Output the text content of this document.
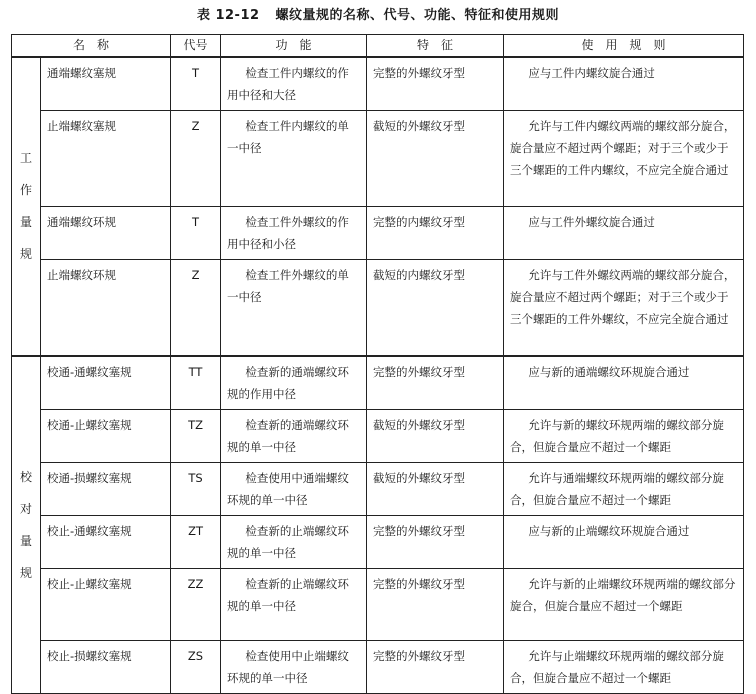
表 12-12 螺纹量规的名称、代号、功能、特征和使用规则
名　称		代号	功　能	特　征	使　用　规　则

工
作
量
规	通端螺纹塞规	T	检查工件内螺纹的作用中径和大径	完整的外螺纹牙型	应与工件内螺纹旋合通过
	止端螺纹塞规	Z	检查工件内螺纹的单一中径	截短的外螺纹牙型	允许与工件内螺纹两端的螺纹部分旋合，旋合量应不超过两个螺距；对于三个或少于三个螺距的工件内螺纹，不应完全旋合通过
	通端螺纹环规	T	检查工件外螺纹的作用中径和小径	完整的内螺纹牙型	应与工件外螺纹旋合通过
	止端螺纹环规	Z	检查工件外螺纹的单一中径	截短的内螺纹牙型	允许与工件外螺纹两端的螺纹部分旋合，旋合量应不超过两个螺距；对于三个或少于三个螺距的工件外螺纹，不应完全旋合通过

校
对
量
规	校通-通螺纹塞规	TT	检查新的通端螺纹环规的作用中径	完整的外螺纹牙型	应与新的通端螺纹环规旋合通过
	校通-止螺纹塞规	TZ	检查新的通端螺纹环规的单一中径	截短的外螺纹牙型	允许与新的螺纹环规两端的螺纹部分旋合，但旋合量应不超过一个螺距
	校通-损螺纹塞规	TS	检查使用中通端螺纹环规的单一中径	截短的外螺纹牙型	允许与通端螺纹环规两端的螺纹部分旋合，但旋合量应不超过一个螺距
	校止-通螺纹塞规	ZT	检查新的止端螺纹环规的单一中径	完整的外螺纹牙型	应与新的止端螺纹环规旋合通过
	校止-止螺纹塞规	ZZ	检查新的止端螺纹环规的单一中径	完整的外螺纹牙型	允许与新的止端螺纹环规两端的螺纹部分旋合，但旋合量应不超过一个螺距
	校止-损螺纹塞规	ZS	检查使用中止端螺纹环规的单一中径	完整的外螺纹牙型	允许与止端螺纹环规两端的螺纹部分旋合，但旋合量应不超过一个螺距
